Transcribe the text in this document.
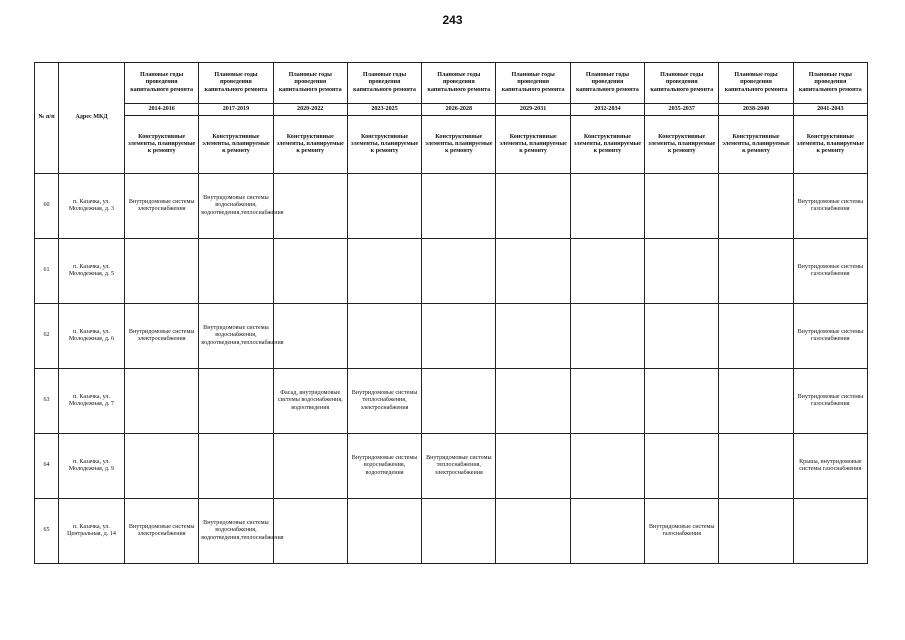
243
№ п/п	Адрес МКД	Плановые годы проведения капитального ремонта	Плановые годы проведения капитального ремонта	Плановые годы проведения капитального ремонта	Плановые годы проведения капитального ремонта	Плановые годы проведения капитального ремонта	Плановые годы проведения капитального ремонта	Плановые годы проведения капитального ремонта	Плановые годы проведения капитального ремонта	Плановые годы проведения капитального ремонта	Плановые годы проведения капитального ремонта
		2014-2016	2017-2019	2020-2022	2023-2025	2026-2028	2029-2031	2032-2034	2035-2037	2038-2040	2041-2043
		Конструктивные элементы, планируемые к ремонту	Конструктивные элементы, планируемые к ремонту	Конструктивные элементы, планируемые к ремонту	Конструктивные элементы, планируемые к ремонту	Конструктивные элементы, планируемые к ремонту	Конструктивные элементы, планируемые к ремонту	Конструктивные элементы, планируемые к ремонту	Конструктивные элементы, планируемые к ремонту	Конструктивные элементы, планируемые к ремонту	Конструктивные элементы, планируемые к ремонту
60	п. Казачка, ул. Молодежная, д. 3	Внутридомовые системы электроснабжения	Внутридомовые системы водоснабжения, водоотведения,теплоснабжения								Внутридомовые системы газоснабжения
61	п. Казачка, ул. Молодежная, д. 5										Внутридомовые системы газоснабжения
62	п. Казачка, ул. Молодежная, д. 6	Внутридомовые системы электроснабжения	Внутридомовые системы водоснабжения, водоотведения,теплоснабжения								Внутридомовые системы газоснабжения
63	п. Казачка, ул. Молодежная, д. 7			Фасад, внутридомовые системы водоснабжения, водоотведения	Внутридомовые системы теплоснабжения, электроснабжения						Внутридомовые системы газоснабжения
64	п. Казачка, ул. Молодежная, д. 9				Внутридомовые системы водоснабжения, водоотведения	Внутридомовые системы теплоснабжения, электроснабжения					Крыша, внутридомовые системы газоснабжения
65	п. Казачка, ул. Центральная, д. 14	Внутридомовые системы электроснабжения	Внутридомовые системы водоснабжения, водоотведения,теплоснабжения						Внутридомовые системы газоснабжения		
